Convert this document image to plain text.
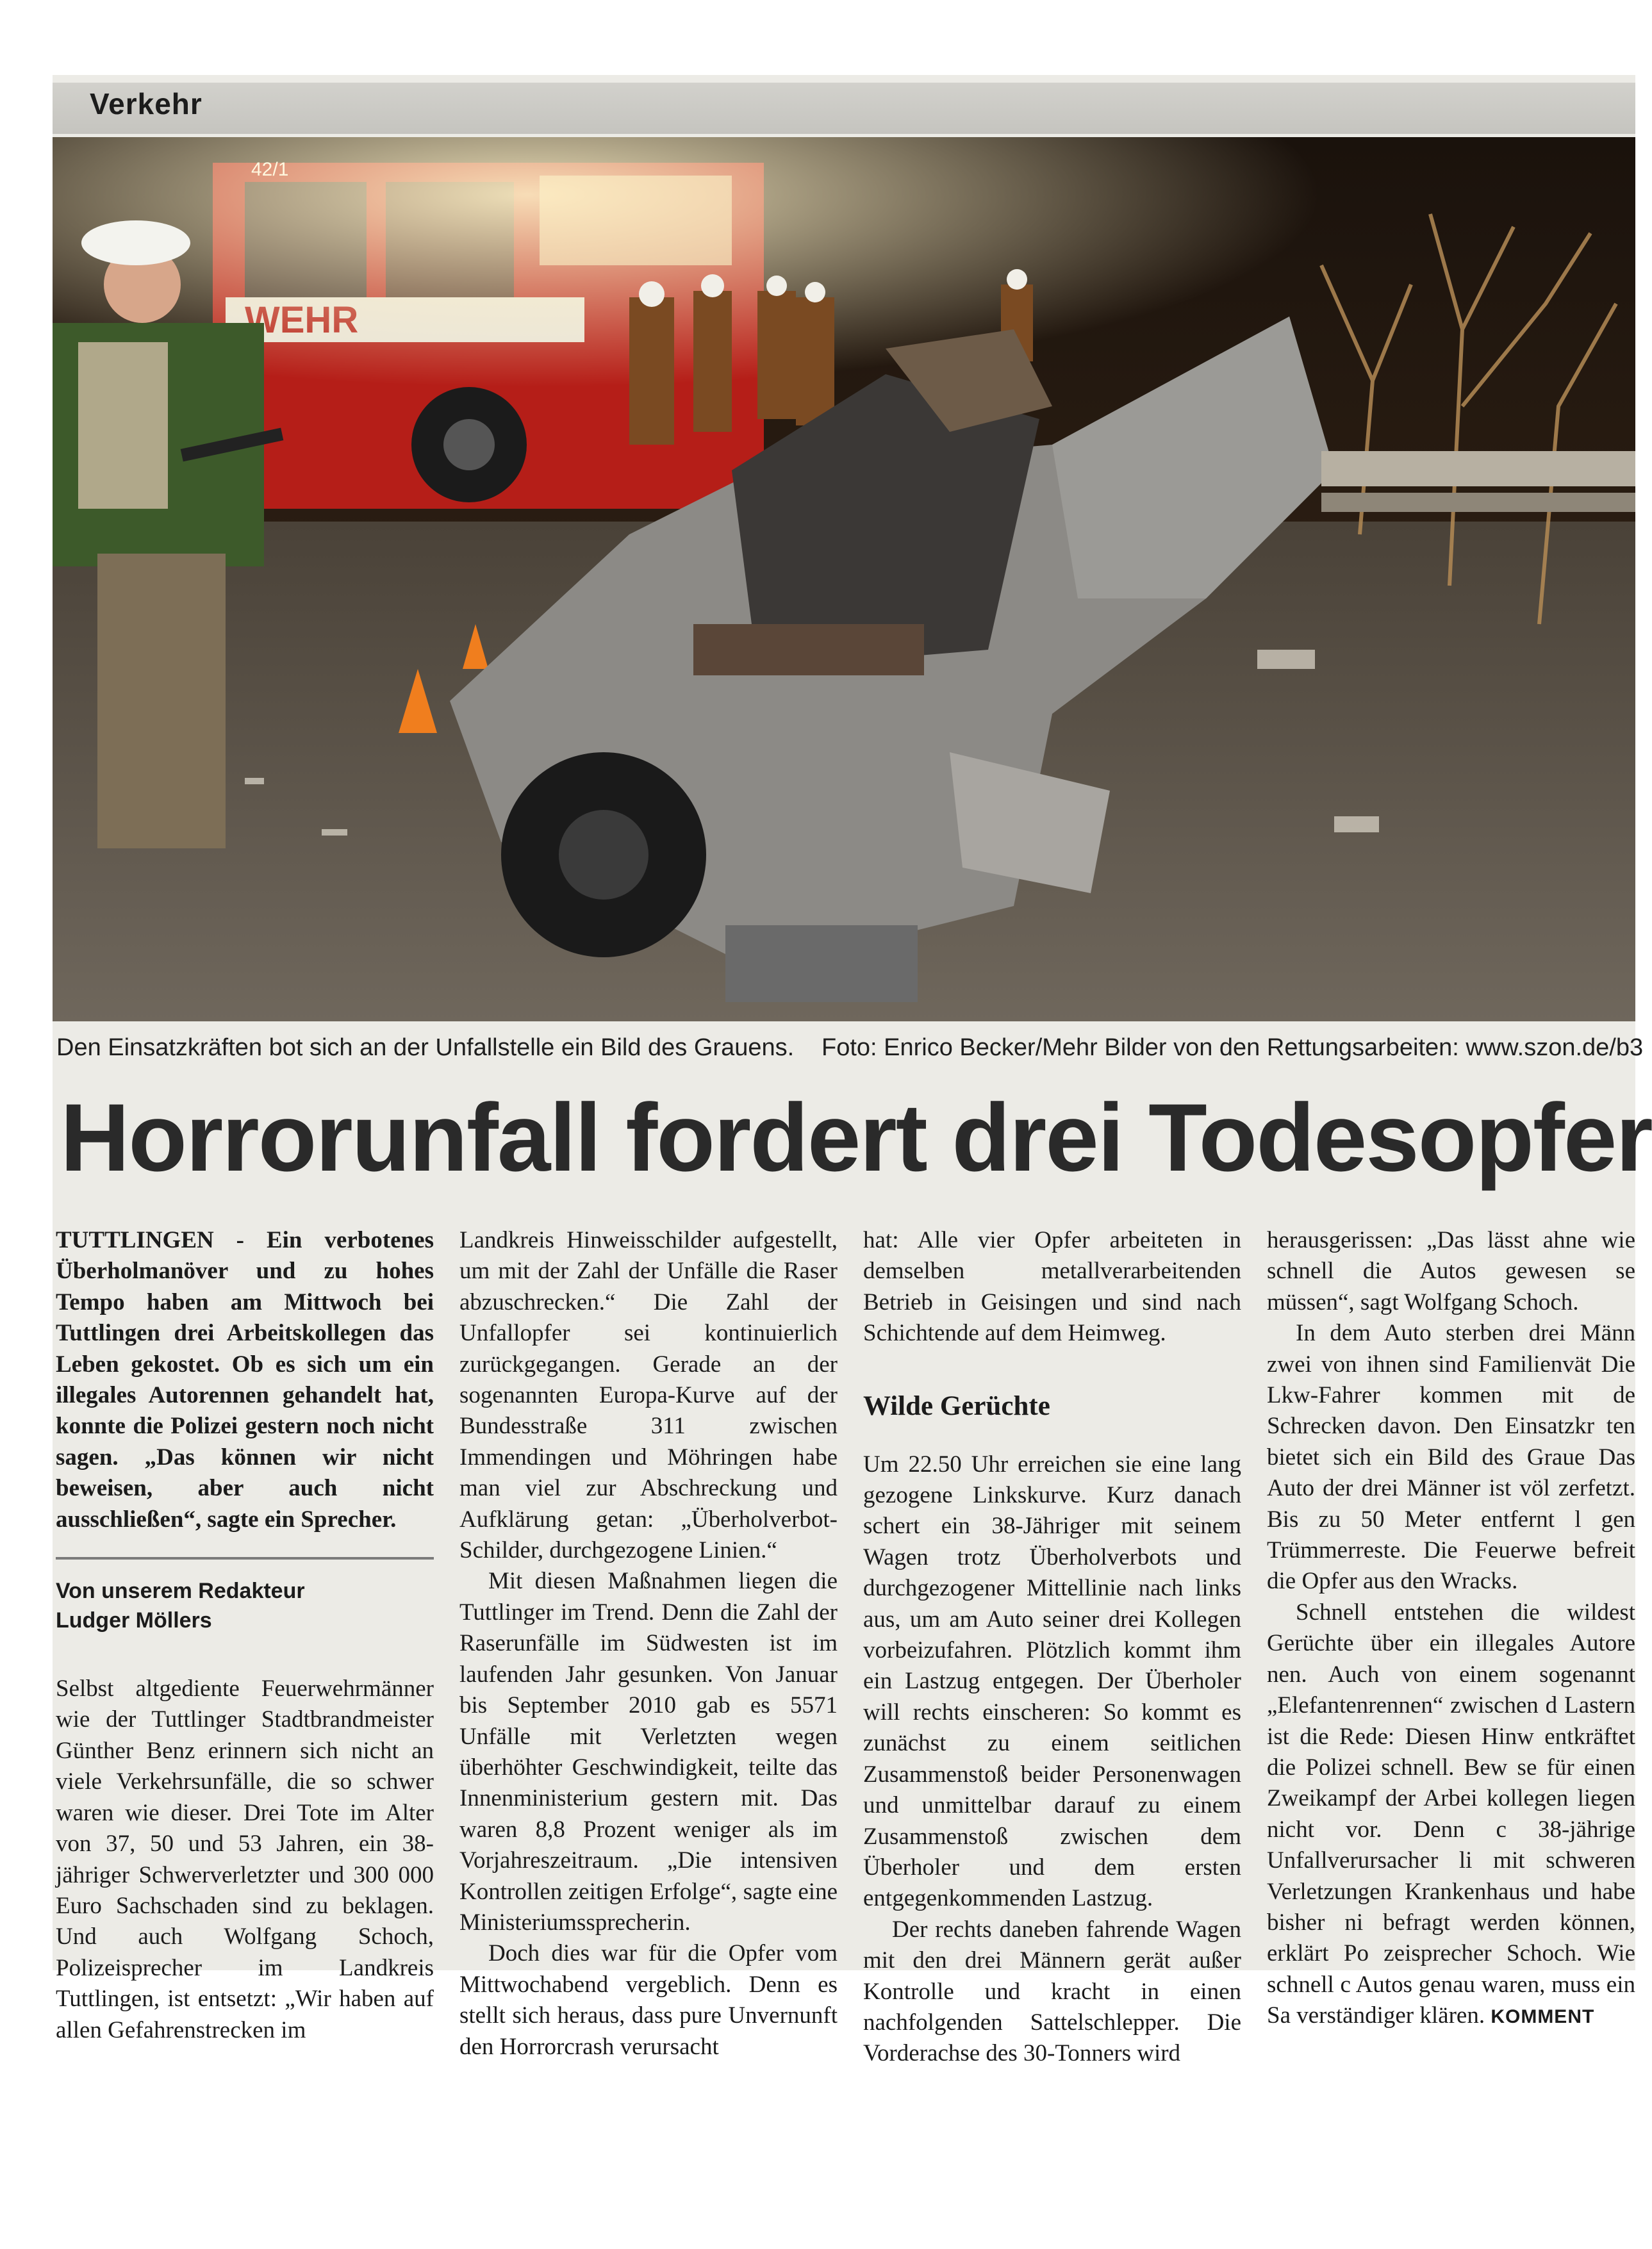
Verkehr
Den Einsatzkräften bot sich an der Unfallstelle ein Bild des Grauens. Foto: Enrico Becker/Mehr Bilder von den Rettungsarbeiten: www.szon.de/b3
Horrorunfall fordert drei Todesopfer

TUTTLINGEN - Ein verbotenes Überholmanöver und zu hohes Tempo haben am Mittwoch bei Tuttlingen drei Arbeitskollegen das Leben gekostet. Ob es sich um ein illegales Autorennen gehandelt hat, konnte die Polizei gestern noch nicht sagen. „Das können wir nicht beweisen, aber auch nicht ausschließen“, sagte ein Sprecher.

Von unserem Redakteur
Ludger Möllers

Selbst altgediente Feuerwehrmänner wie der Tuttlinger Stadtbrandmeister Günther Benz erinnern sich nicht an viele Verkehrsunfälle, die so schwer waren wie dieser. Drei Tote im Alter von 37, 50 und 53 Jahren, ein 38-jähriger Schwerverletzter und 300 000 Euro Sachschaden sind zu beklagen. Und auch Wolfgang Schoch, Polizeisprecher im Landkreis Tuttlingen, ist entsetzt: „Wir haben auf allen Gefahrenstrecken im

Landkreis Hinweisschilder aufgestellt, um mit der Zahl der Unfälle die Raser abzuschrecken.“ Die Zahl der Unfallopfer sei kontinuierlich zurückgegangen. Gerade an der sogenannten Europa-Kurve auf der Bundesstraße 311 zwischen Immendingen und Möhringen habe man viel zur Abschreckung und Aufklärung getan: „Überholverbot-Schilder, durchgezogene Linien.“

Mit diesen Maßnahmen liegen die Tuttlinger im Trend. Denn die Zahl der Raserunfälle im Südwesten ist im laufenden Jahr gesunken. Von Januar bis September 2010 gab es 5571 Unfälle mit Verletzten wegen überhöhter Geschwindigkeit, teilte das Innenministerium gestern mit. Das waren 8,8 Prozent weniger als im Vorjahreszeitraum. „Die intensiven Kontrollen zeitigen Erfolge“, sagte eine Ministeriumssprecherin.

Doch dies war für die Opfer vom Mittwochabend vergeblich. Denn es stellt sich heraus, dass pure Unvernunft den Horrorcrash verursacht

hat: Alle vier Opfer arbeiteten in demselben metallverarbeitenden Betrieb in Geisingen und sind nach Schichtende auf dem Heimweg.

Wilde Gerüchte

Um 22.50 Uhr erreichen sie eine lang gezogene Linkskurve. Kurz danach schert ein 38-Jähriger mit seinem Wagen trotz Überholverbots und durchgezogener Mittellinie nach links aus, um am Auto seiner drei Kollegen vorbeizufahren. Plötzlich kommt ihm ein Lastzug entgegen. Der Überholer will rechts einscheren: So kommt es zunächst zu einem seitlichen Zusammenstoß beider Personenwagen und unmittelbar darauf zu einem Zusammenstoß zwischen dem Überholer und dem ersten entgegenkommenden Lastzug.

Der rechts daneben fahrende Wagen mit den drei Männern gerät außer Kontrolle und kracht in einen nachfolgenden Sattelschlepper. Die Vorderachse des 30-Tonners wird

herausgerissen: „Das lässt ahne wie schnell die Autos gewesen se müssen“, sagt Wolfgang Schoch.

In dem Auto sterben drei Männ zwei von ihnen sind Familienvät Die Lkw-Fahrer kommen mit de Schrecken davon. Den Einsatzkr ten bietet sich ein Bild des Graue Das Auto der drei Männer ist völ zerfetzt. Bis zu 50 Meter entfernt l gen Trümmerreste. Die Feuerwe befreit die Opfer aus den Wracks.

Schnell entstehen die wildest Gerüchte über ein illegales Autore nen. Auch von einem sogenannt „Elefantenrennen“ zwischen d Lastern ist die Rede: Diesen Hinw entkräftet die Polizei schnell. Bew se für einen Zweikampf der Arbei kollegen liegen nicht vor. Denn c 38-jährige Unfallverursacher li mit schweren Verletzungen Krankenhaus und habe bisher ni befragt werden können, erklärt Po zeisprecher Schoch. Wie schnell c Autos genau waren, muss ein Sa verständiger klären. KOMMENT
